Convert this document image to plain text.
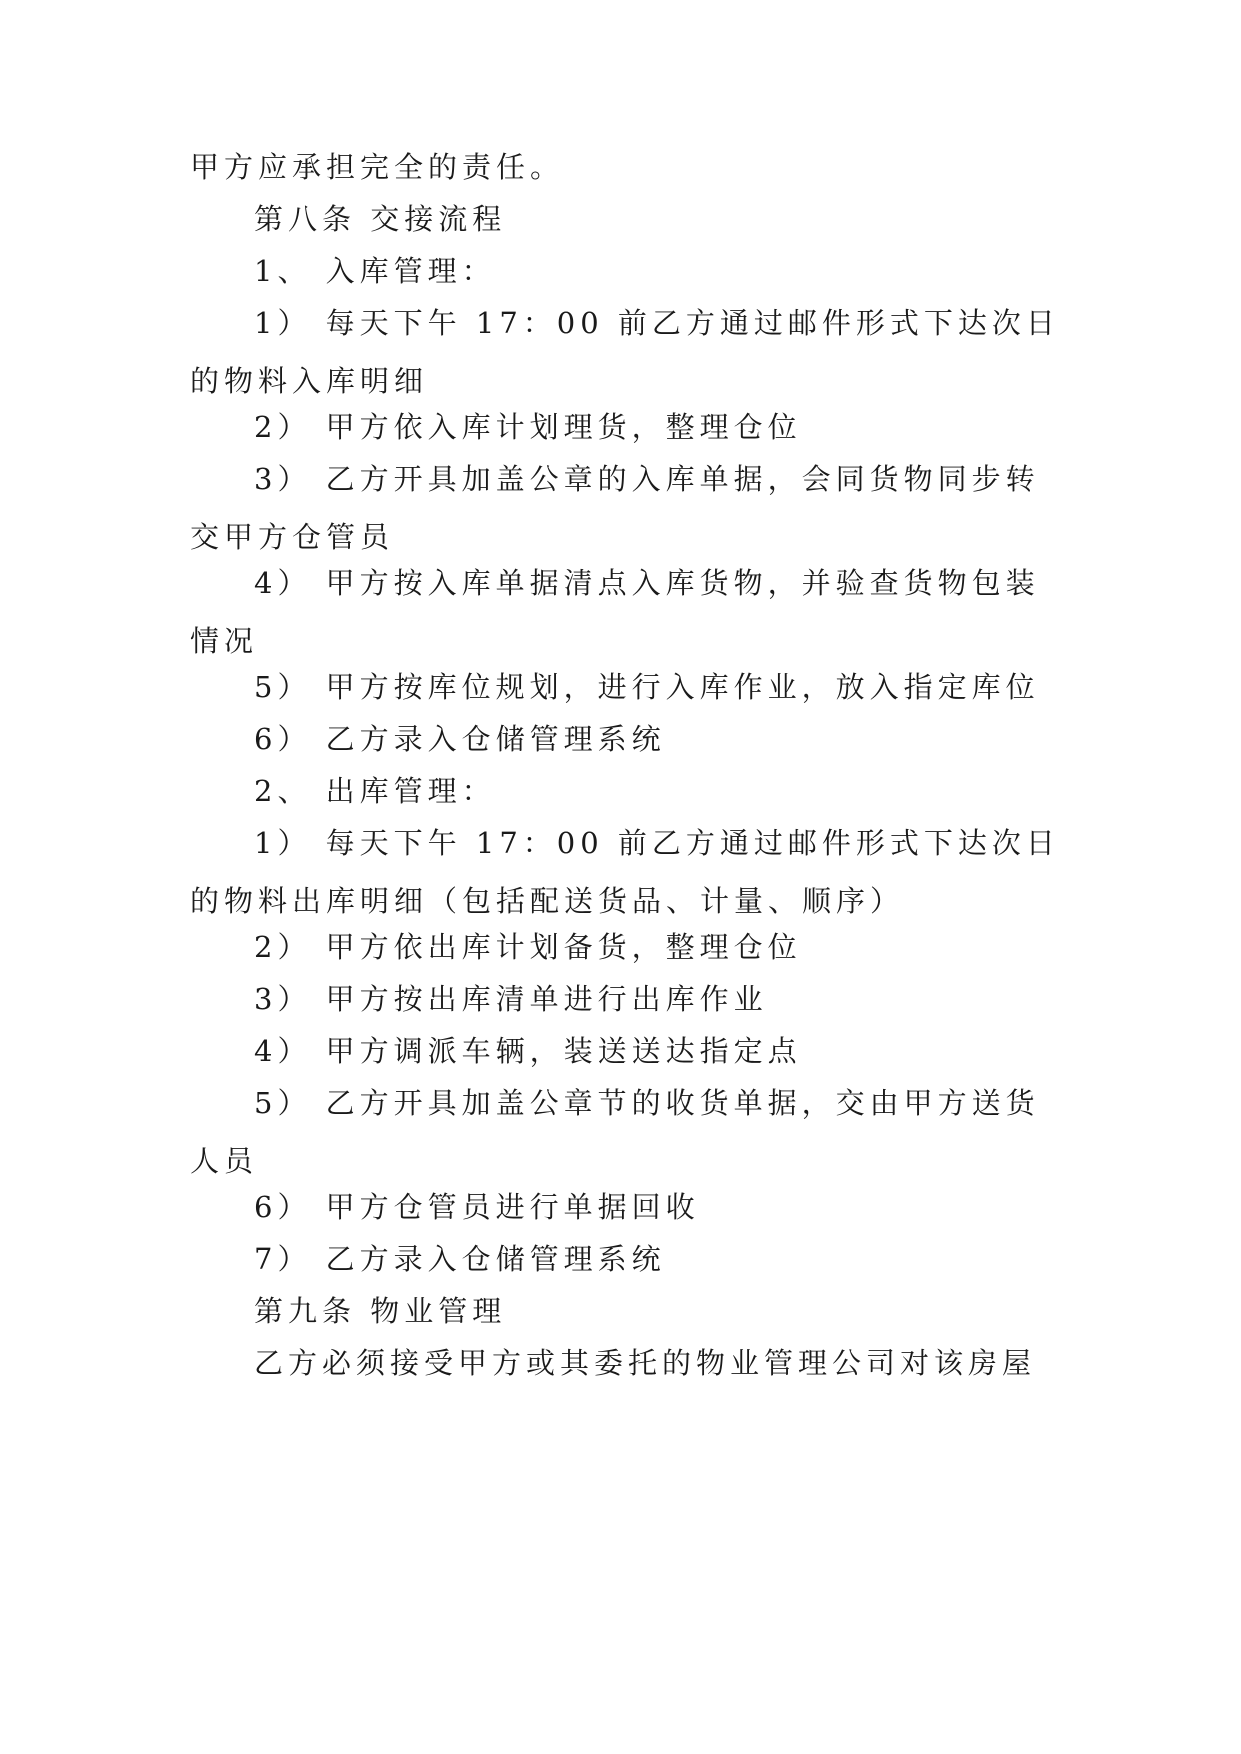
甲方应承担完全的责任。

第八条 交接流程

1、 入库管理：

1） 每天下午 17：00 前乙方通过邮件形式下达次日的物料入库明细

2） 甲方依入库计划理货，整理仓位

3） 乙方开具加盖公章的入库单据，会同货物同步转交甲方仓管员

4） 甲方按入库单据清点入库货物，并验查货物包装情况

5） 甲方按库位规划，进行入库作业，放入指定库位

6） 乙方录入仓储管理系统

2、 出库管理：

1） 每天下午 17：00 前乙方通过邮件形式下达次日的物料出库明细（包括配送货品、计量、顺序）

2） 甲方依出库计划备货，整理仓位

3） 甲方按出库清单进行出库作业

4） 甲方调派车辆，装送送达指定点

5） 乙方开具加盖公章节的收货单据，交由甲方送货人员

6） 甲方仓管员进行单据回收

7） 乙方录入仓储管理系统

第九条 物业管理

乙方必须接受甲方或其委托的物业管理公司对该房屋
